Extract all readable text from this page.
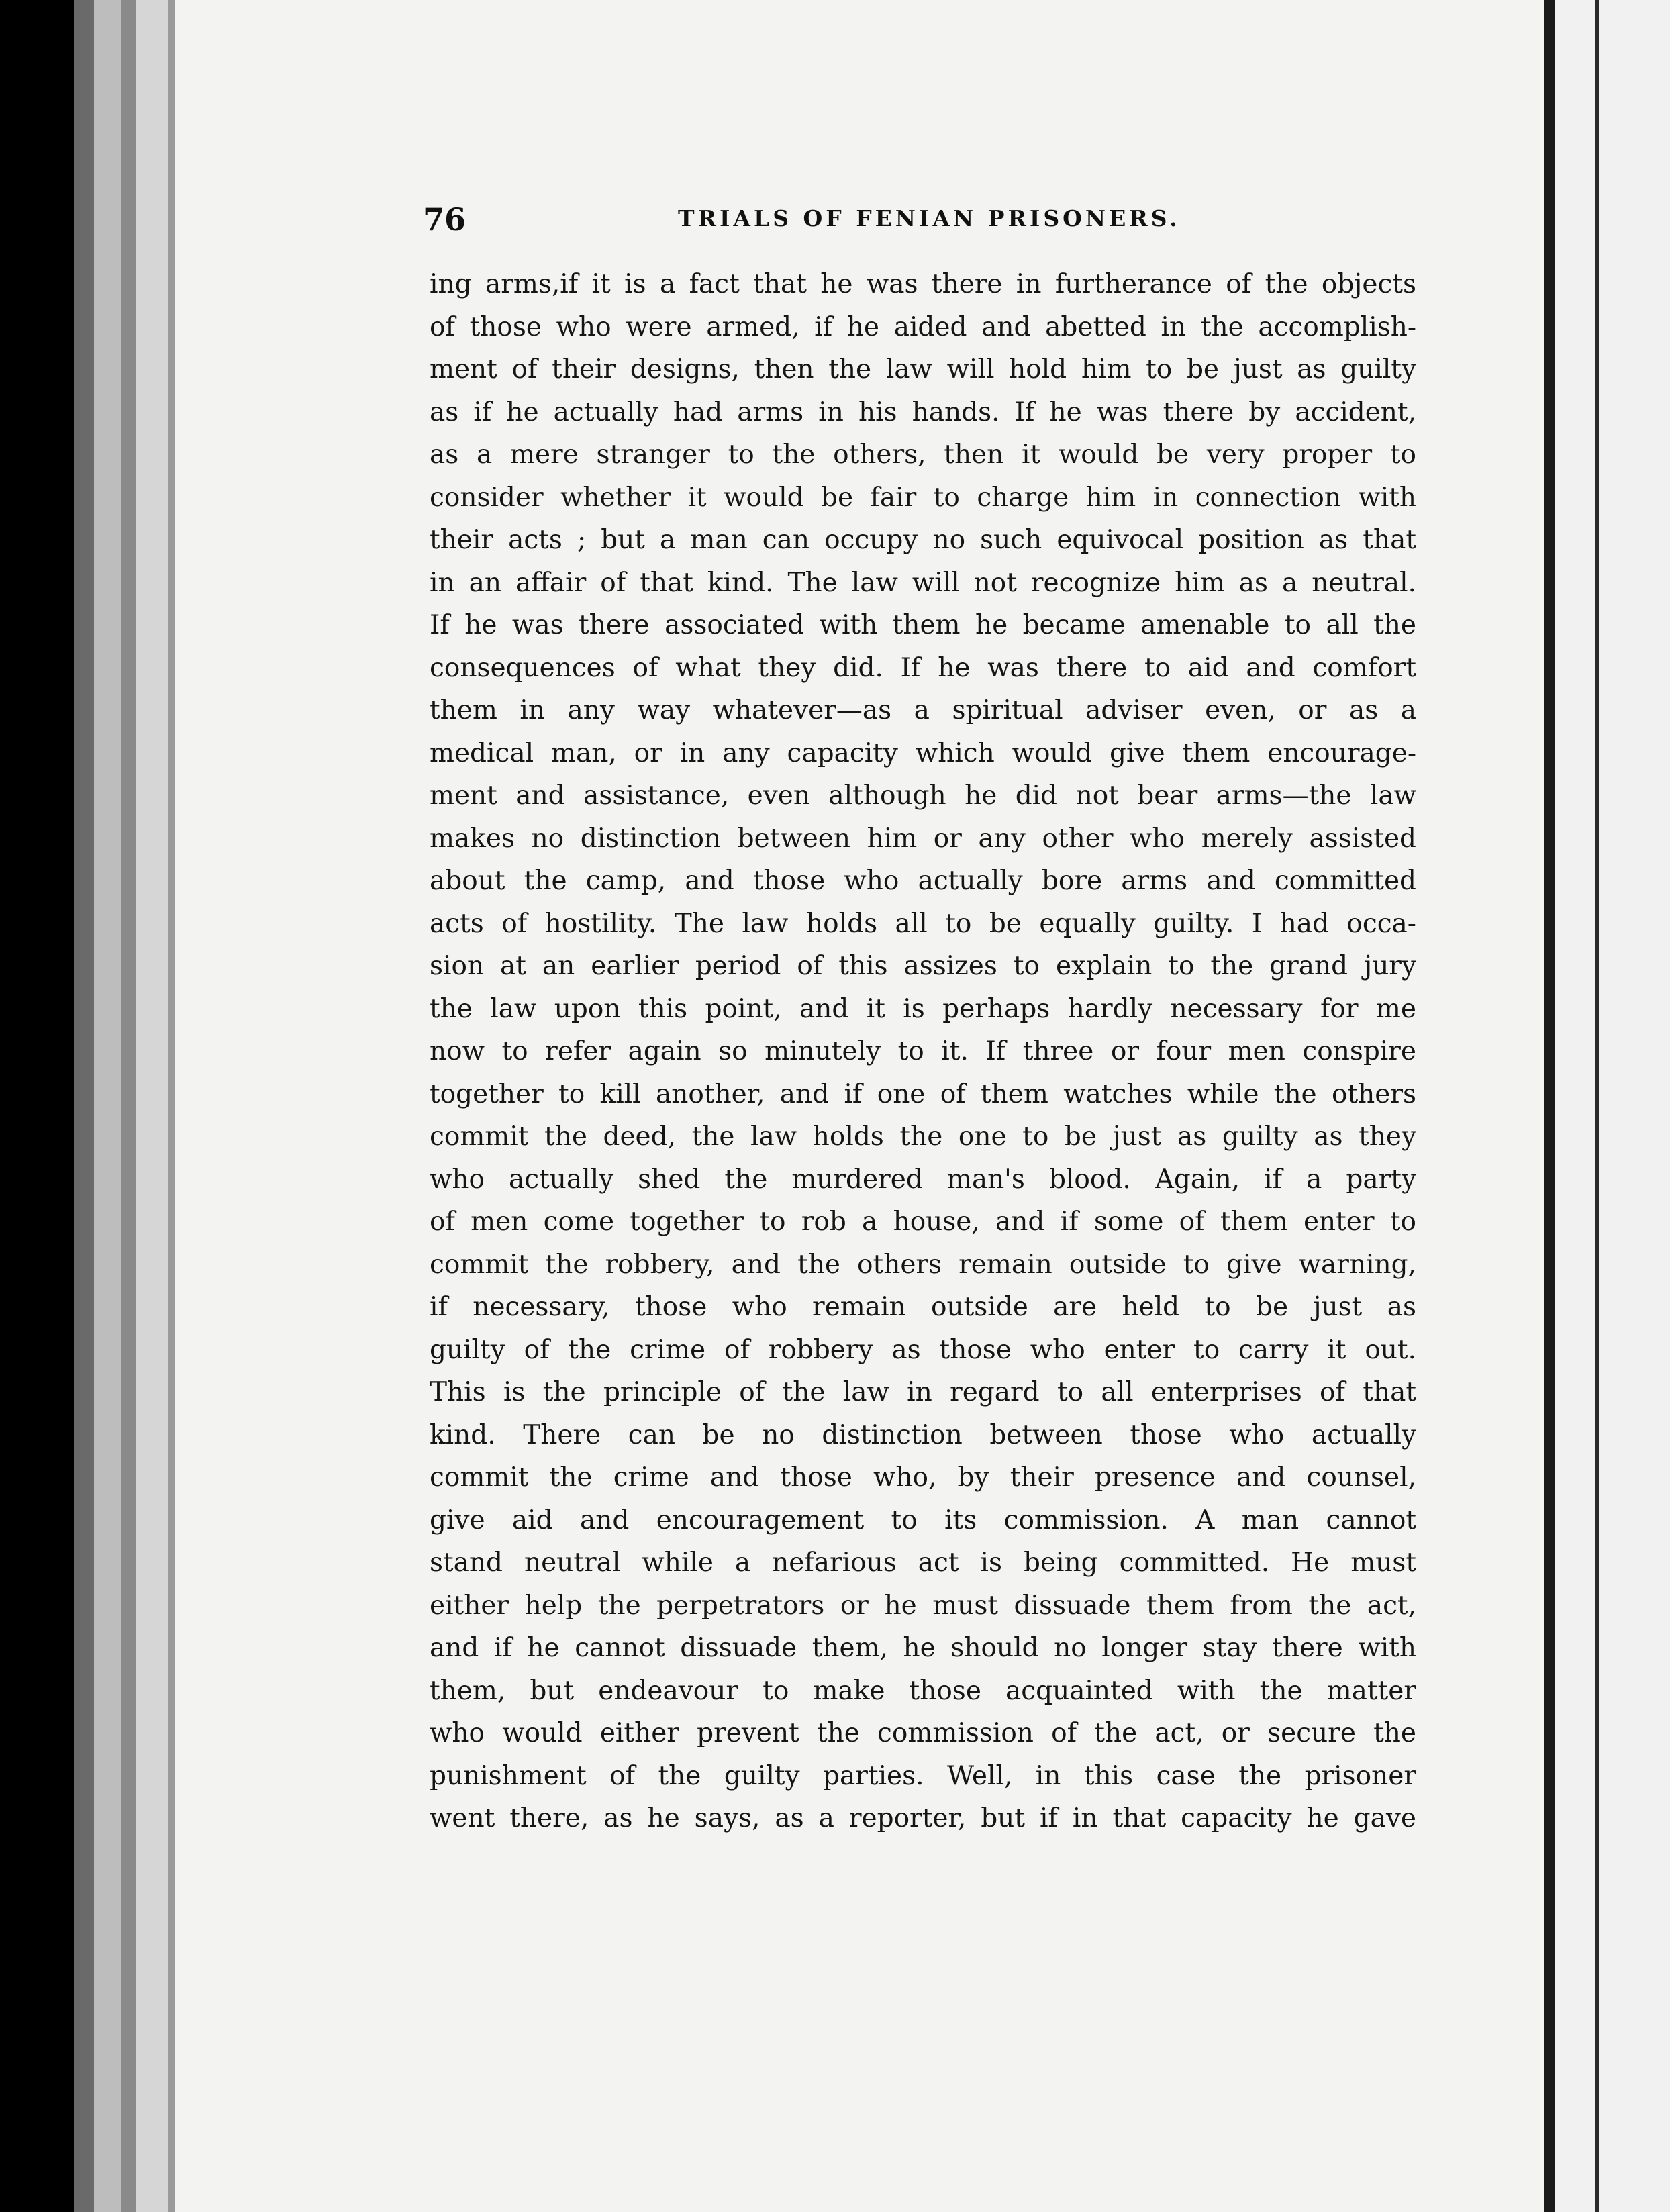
76	TRIALS OF FENIAN PRISONERS.
ing arms,if it is a fact that he was there in furtherance of the objects
of those who were armed, if he aided and abetted in the accomplish-
ment of their designs, then the law will hold him to be just as guilty
as if he actually had arms in his hands. If he was there by accident,
as a mere stranger to the others, then it would be very proper to
consider whether it would be fair to charge him in connection with
their acts ; but a man can occupy no such equivocal position as that
in an affair of that kind. The law will not recognize him as a neutral.
If he was there associated with them he became amenable to all the
consequences of what they did. If he was there to aid and comfort
them in any way whatever—as a spiritual adviser even, or as a
medical man, or in any capacity which would give them encourage-
ment and assistance, even although he did not bear arms—the law
makes no distinction between him or any other who merely assisted
about the camp, and those who actually bore arms and committed
acts of hostility. The law holds all to be equally guilty. I had occa-
sion at an earlier period of this assizes to explain to the grand jury
the law upon this point, and it is perhaps hardly necessary for me
now to refer again so minutely to it. If three or four men conspire
together to kill another, and if one of them watches while the others
commit the deed, the law holds the one to be just as guilty as they
who actually shed the murdered man's blood. Again, if a party
of men come together to rob a house, and if some of them enter to
commit the robbery, and the others remain outside to give warning,
if necessary, those who remain outside are held to be just as
guilty of the crime of robbery as those who enter to carry it out.
This is the principle of the law in regard to all enterprises of that
kind. There can be no distinction between those who actually
commit the crime and those who, by their presence and counsel,
give aid and encouragement to its commission. A man cannot
stand neutral while a nefarious act is being committed. He must
either help the perpetrators or he must dissuade them from the act,
and if he cannot dissuade them, he should no longer stay there with
them, but endeavour to make those acquainted with the matter
who would either prevent the commission of the act, or secure the
punishment of the guilty parties. Well, in this case the prisoner
went there, as he says, as a reporter, but if in that capacity he gave
